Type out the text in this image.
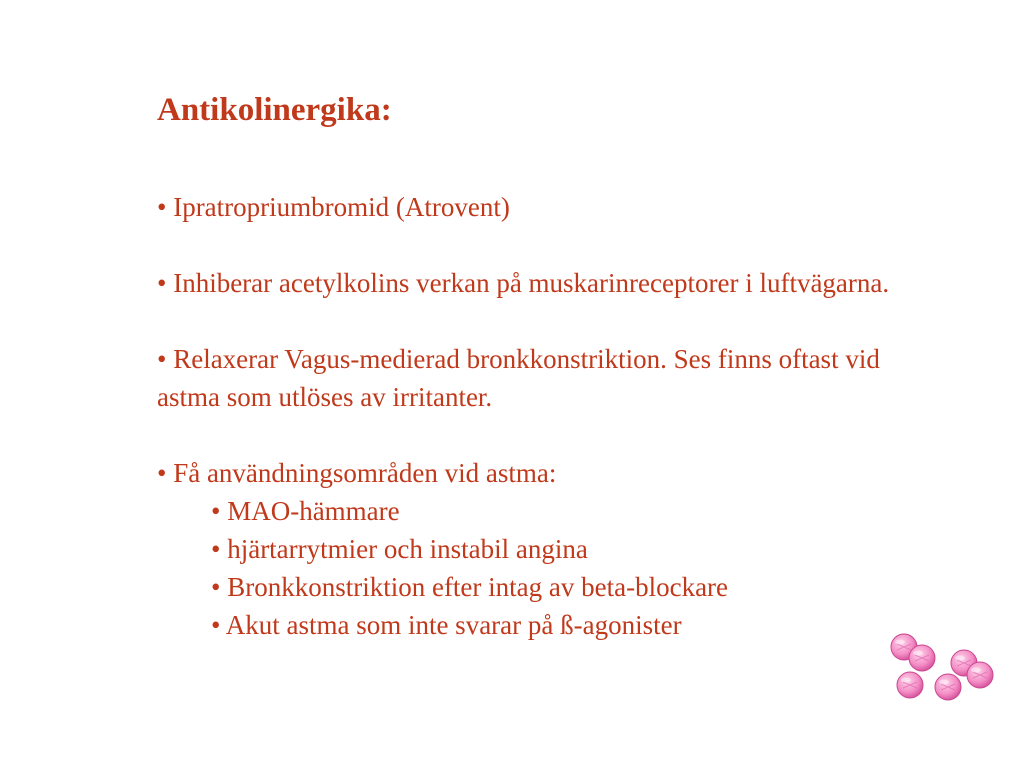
Antikolinergika:

• Ipratropriumbromid (Atrovent)

• Inhiberar acetylkolins verkan på muskarinreceptorer i luftvägarna.

• Relaxerar Vagus-medierad bronkkonstriktion. Ses finns oftast vid astma som utlöses av irritanter.

• Få användningsområden vid astma:
• MAO-hämmare
• hjärtarrytmier och instabil angina
• Bronkkonstriktion efter intag av beta-blockare
• Akut astma som inte svarar på ß-agonister
